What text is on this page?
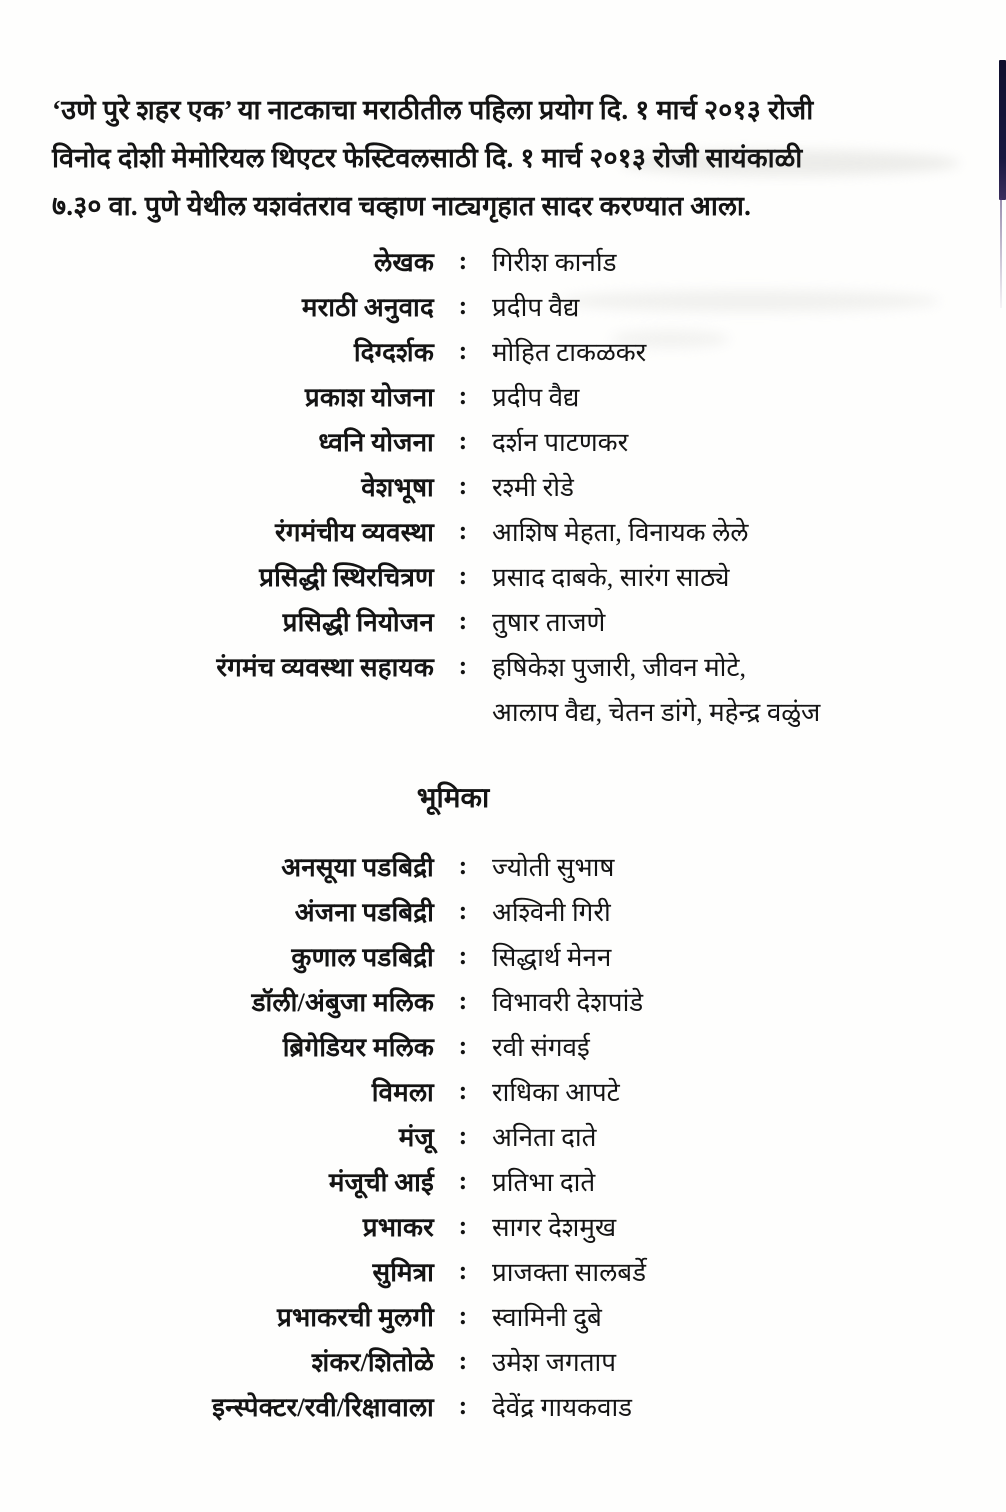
‘उणे पुरे शहर एक’ या नाटकाचा मराठीतील पहिला प्रयोग दि. १ मार्च २०१३ रोजी
विनोद दोशी मेमोरियल थिएटर फेस्टिवलसाठी दि. १ मार्च २०१३ रोजी सायंकाळी
७.३० वा. पुणे येथील यशवंतराव चव्हाण नाट्यगृहात सादर करण्यात आला.
लेखक : गिरीश कार्नाड
मराठी अनुवाद : प्रदीप वैद्य
दिग्दर्शक : मोहित टाकळकर
प्रकाश योजना : प्रदीप वैद्य
ध्वनि योजना : दर्शन पाटणकर
वेशभूषा : रश्मी रोडे
रंगमंचीय व्यवस्था : आशिष मेहता, विनायक लेले
प्रसिद्धी स्थिरचित्रण : प्रसाद दाबके, सारंग साठ्ये
प्रसिद्धी नियोजन : तुषार ताजणे
रंगमंच व्यवस्था सहायक : हषिकेश पुजारी, जीवन मोटे,
आलाप वैद्य, चेतन डांगे, महेन्द्र वळुंज
भूमिका
अनसूया पडबिद्री : ज्योती सुभाष
अंजना पडबिद्री : अश्विनी गिरी
कुणाल पडबिद्री : सिद्धार्थ मेनन
डॉली/अंबुजा मलिक : विभावरी देशपांडे
ब्रिगेडियर मलिक : रवी संगवई
विमला : राधिका आपटे
मंजू : अनिता दाते
मंजूची आई : प्रतिभा दाते
प्रभाकर : सागर देशमुख
सुमित्रा : प्राजक्ता सालबर्डे
प्रभाकरची मुलगी : स्वामिनी दुबे
शंकर/शितोळे : उमेश जगताप
इन्स्पेक्टर/रवी/रिक्षावाला : देवेंद्र गायकवाड
